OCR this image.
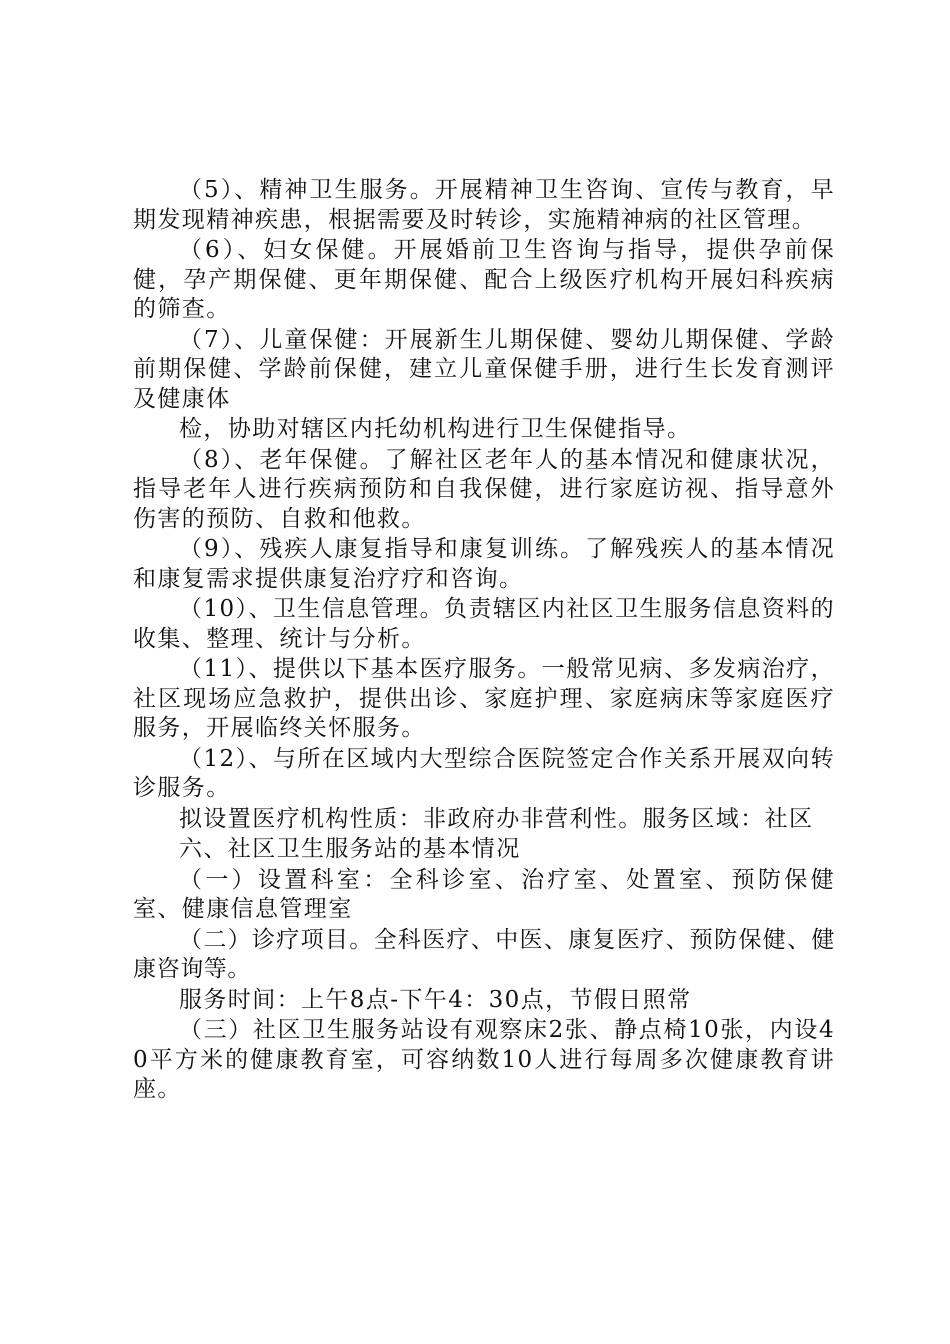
（5）、精神卫生服务。开展精神卫生咨询、宣传与教育，早期发现精神疾患，根据需要及时转诊，实施精神病的社区管理。

（6）、妇女保健。开展婚前卫生咨询与指导，提供孕前保健，孕产期保健、更年期保健、配合上级医疗机构开展妇科疾病的筛查。

（7）、儿童保健：开展新生儿期保健、婴幼儿期保健、学龄前期保健、学龄前保健，建立儿童保健手册，进行生长发育测评及健康体

检，协助对辖区内托幼机构进行卫生保健指导。

（8）、老年保健。了解社区老年人的基本情况和健康状况，指导老年人进行疾病预防和自我保健，进行家庭访视、指导意外伤害的预防、自救和他救。

（9）、残疾人康复指导和康复训练。了解残疾人的基本情况和康复需求提供康复治疗疗和咨询。

（10）、卫生信息管理。负责辖区内社区卫生服务信息资料的收集、整理、统计与分析。

（11）、提供以下基本医疗服务。一般常见病、多发病治疗，社区现场应急救护，提供出诊、家庭护理、家庭病床等家庭医疗服务，开展临终关怀服务。

（12）、与所在区域内大型综合医院签定合作关系开展双向转诊服务。

拟设置医疗机构性质：非政府办非营利性。服务区域：社区

六、社区卫生服务站的基本情况

（一）设置科室：全科诊室、治疗室、处置室、预防保健室、健康信息管理室

（二）诊疗项目。全科医疗、中医、康复医疗、预防保健、健康咨询等。

服务时间：上午8点-下午4：30点，节假日照常

（三）社区卫生服务站设有观察床2张、静点椅10张，内设40平方米的健康教育室，可容纳数10人进行每周多次健康教育讲座。
